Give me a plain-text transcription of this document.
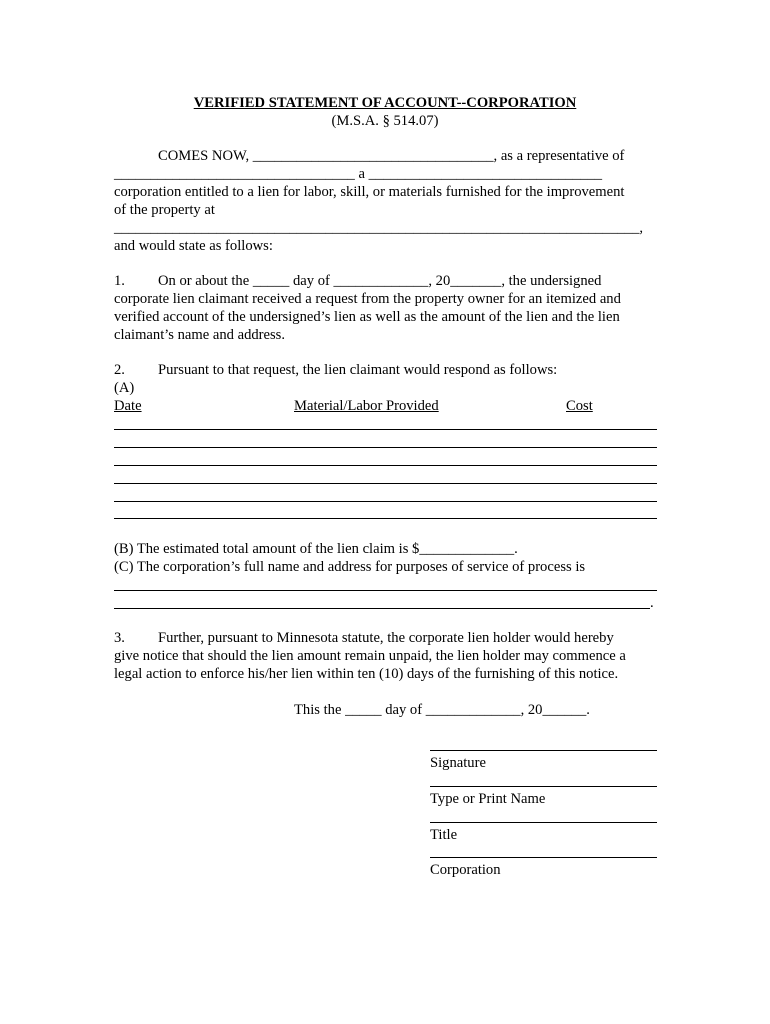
VERIFIED STATEMENT OF ACCOUNT--CORPORATION
(M.S.A. § 514.07)
COMES NOW, _________________________________, as a representative of
_________________________________ a ________________________________
corporation entitled to a lien for labor, skill, or materials furnished for the improvement
of the property at
________________________________________________________________________,
and would state as follows:
1. On or about the _____ day of _____________, 20_______, the undersigned
corporate lien claimant received a request from the property owner for an itemized and
verified account of the undersigned’s lien as well as the amount of the lien and the lien
claimant’s name and address.
2. Pursuant to that request, the lien claimant would respond as follows:
(A)
Date	Material/Labor Provided	Cost
(B) The estimated total amount of the lien claim is $_____________.
(C) The corporation’s full name and address for purposes of service of process is
.
3. Further, pursuant to Minnesota statute, the corporate lien holder would hereby
give notice that should the lien amount remain unpaid, the lien holder may commence a
legal action to enforce his/her lien within ten (10) days of the furnishing of this notice.
This the _____ day of _____________, 20______.
Signature
Type or Print Name
Title
Corporation
